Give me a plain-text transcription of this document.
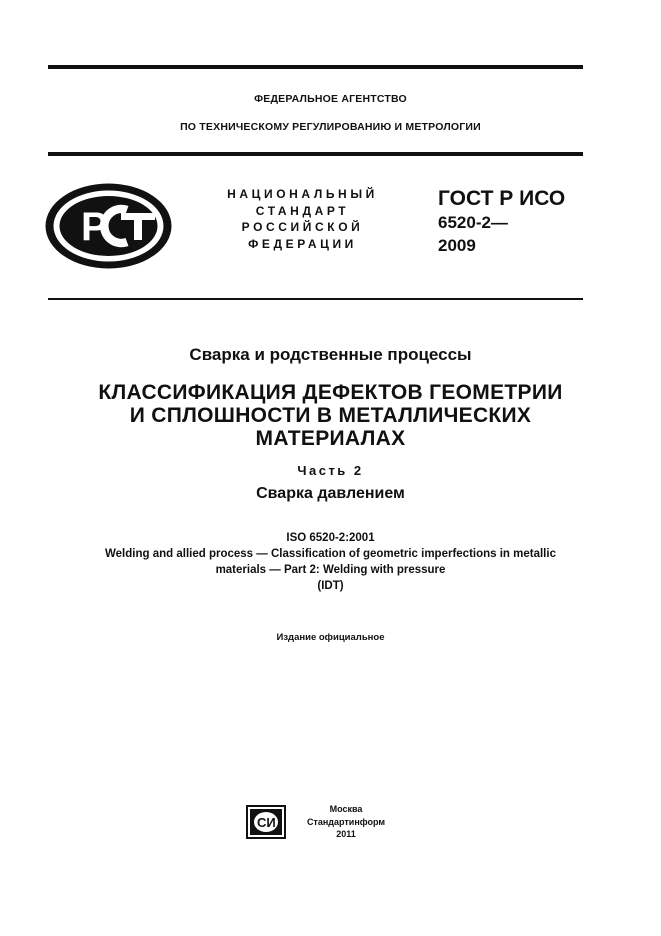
ФЕДЕРАЛЬНОЕ АГЕНТСТВО
ПО ТЕХНИЧЕСКОМУ РЕГУЛИРОВАНИЮ И МЕТРОЛОГИИ
P
НАЦИОНАЛЬНЫЙ
СТАНДАРТ
РОССИЙСКОЙ
ФЕДЕРАЦИИ
ГОСТ Р ИСО
6520-2—
2009
Сварка и родственные процессы
КЛАССИФИКАЦИЯ ДЕФЕКТОВ ГЕОМЕТРИИ
И СПЛОШНОСТИ В МЕТАЛЛИЧЕСКИХ
МАТЕРИАЛАХ
Часть 2
Сварка давлением
ISO 6520-2:2001
Welding and allied process — Classification of geometric imperfections in metallic
materials — Part 2: Welding with pressure
(IDT)
Издание официальное
СИ
Москва
Стандартинформ
2011
